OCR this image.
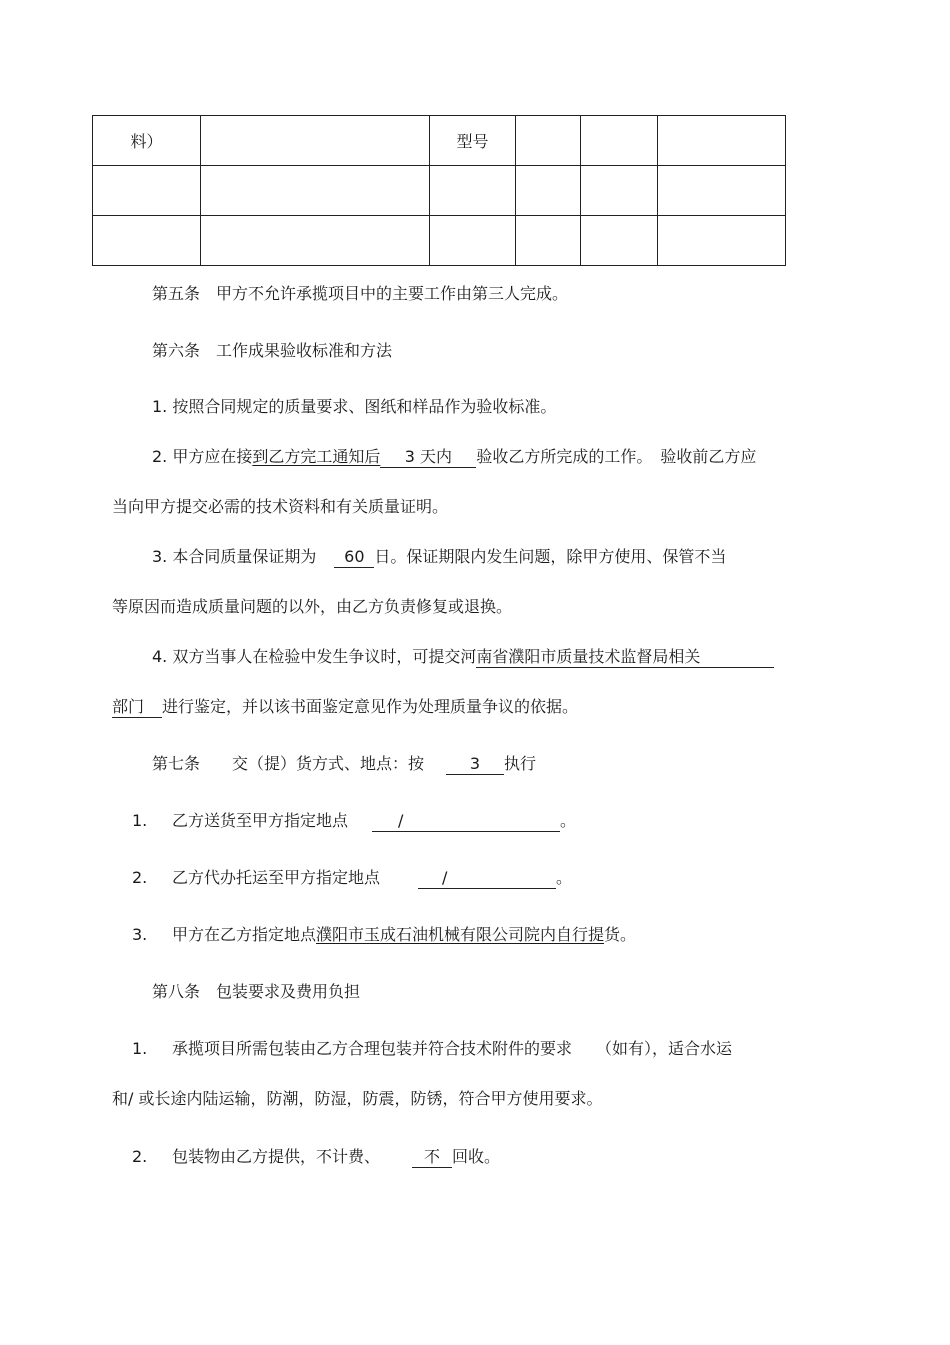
料）		型号			

第五条　甲方不允许承揽项目中的主要工作由第三人完成。
第六条　工作成果验收标准和方法
1. 按照合同规定的质量要求、图纸和样品作为验收标准。
2. 甲方应在接到乙方完工通知后 3 天内 验收乙方所完成的工作。　验收前乙方应
当向甲方提交必需的技术资料和有关质量证明。
3. 本合同质量保证期为 60 日。保证期限内发生问题，除甲方使用、保管不当
等原因而造成质量问题的以外，由乙方负责修复或退换。
4. 双方当事人在检验中发生争议时，可提交河南省濮阳市质量技术监督局相关
部门 进行鉴定，并以该书面鉴定意见作为处理质量争议的依据。
第七条　　交（提）货方式、地点：按	3 执行
1. 乙方送货至甲方指定地点	/	。
2. 乙方代办托运至甲方指定地点	/	。
3. 甲方在乙方指定地点濮阳市玉成石油机械有限公司院内自行提货。
第八条　包装要求及费用负担
1. 承揽项目所需包装由乙方合理包装并符合技术附件的要求　　（如有），适合水运
和/ 或长途内陆运输，防潮，防湿，防震，防锈，符合甲方使用要求。
2. 包装物由乙方提供，不计费、	不 回收。
